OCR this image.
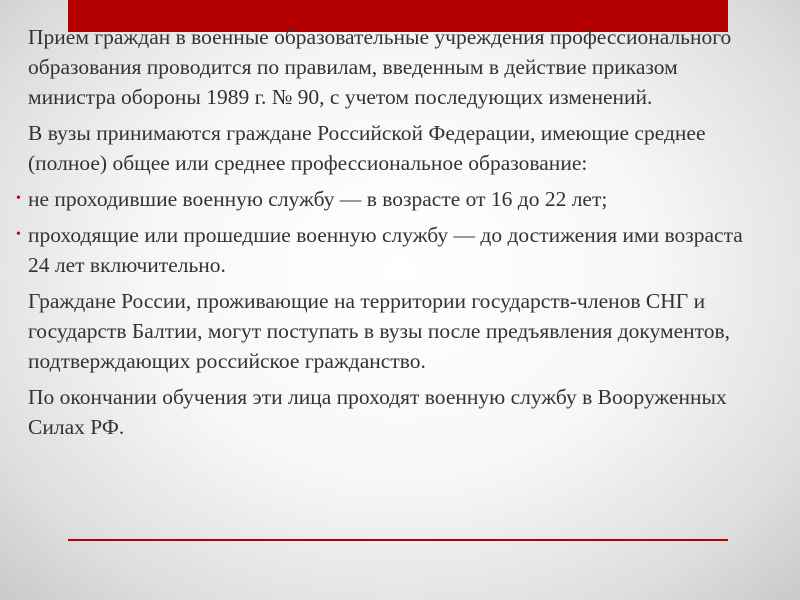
Прием граждан в военные образовательные учреждения профессионального образования проводится по правилам, введенным в действие приказом министра обороны 1989 г. № 90, с учетом последующих изменений.

В вузы принимаются граждане Российской Федерации, имеющие среднее (полное) общее или среднее профессиональное образование:

• не проходившие военную службу — в возрасте от 16 до 22 лет;

• проходящие или прошедшие военную службу — до достижения ими возраста 24 лет включительно.

Граждане России, проживающие на территории государств-членов СНГ и государств Балтии, могут поступать в вузы после предъявления документов, подтверждающих российское гражданство.

По окончании обучения эти лица проходят военную службу в Вооруженных Силах РФ.
